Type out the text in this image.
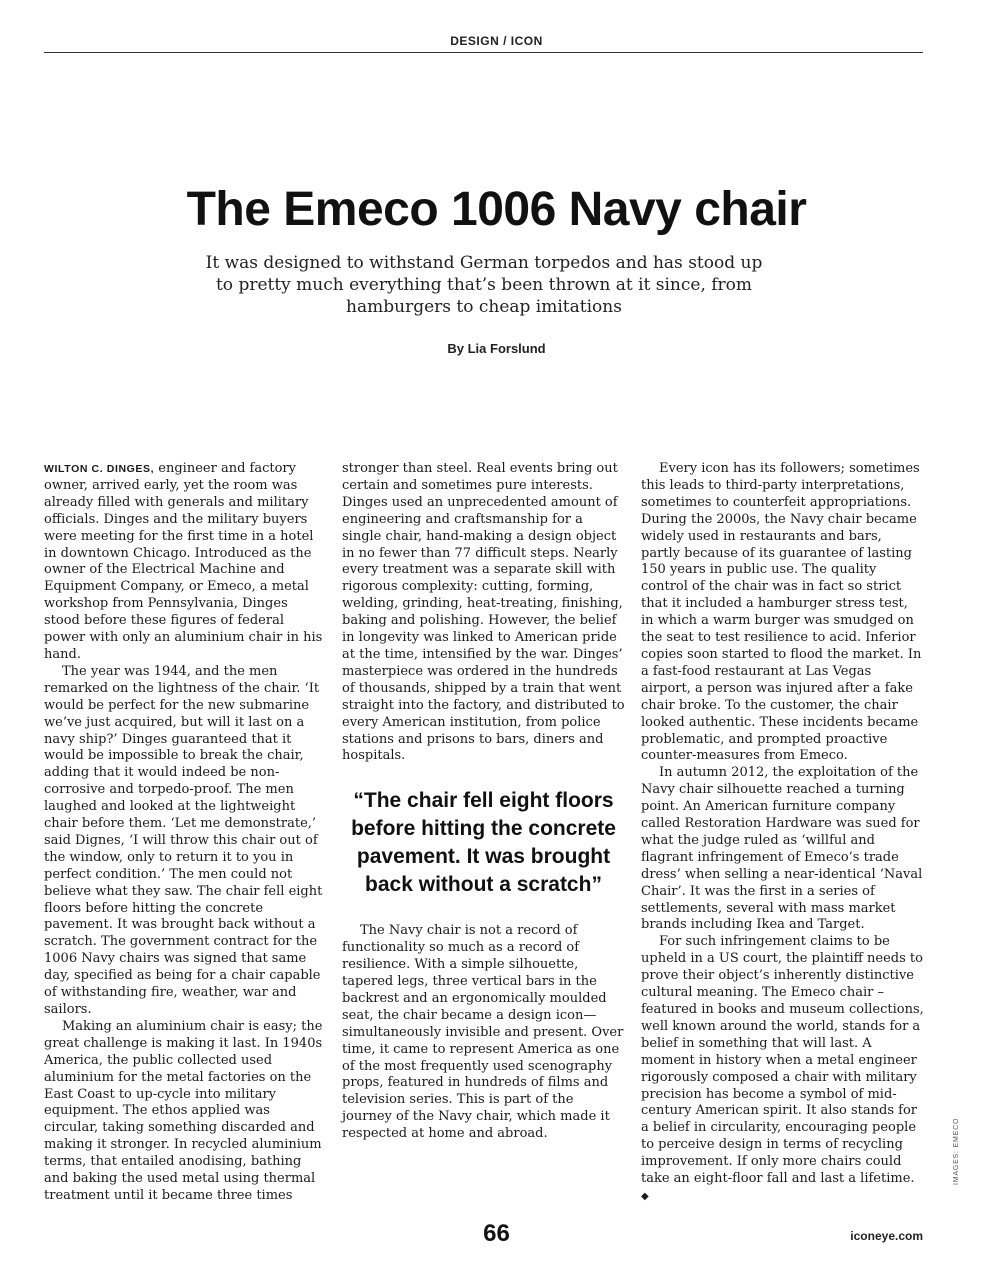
DESIGN / ICON
The Emeco 1006 Navy chair

It was designed to withstand German torpedos and has stood up to pretty much everything that’s been thrown at it since, from hamburgers to cheap imitations

By Lia Forslund

WILTON C. DINGES, engineer and factory owner, arrived early, yet the room was already filled with generals and military officials. Dinges and the military buyers were meeting for the first time in a hotel in downtown Chicago. Introduced as the owner of the Electrical Machine and Equipment Company, or Emeco, a metal workshop from Pennsylvania, Dinges stood before these figures of federal power with only an aluminium chair in his hand.

The year was 1944, and the men remarked on the lightness of the chair. ‘It would be perfect for the new submarine we’ve just acquired, but will it last on a navy ship?’ Dinges guaranteed that it would be impossible to break the chair, adding that it would indeed be non-corrosive and torpedo-proof. The men laughed and looked at the lightweight chair before them. ‘Let me demonstrate,’ said Dignes, ‘I will throw this chair out of the window, only to return it to you in perfect condition.’ The men could not believe what they saw. The chair fell eight floors before hitting the concrete pavement. It was brought back without a scratch. The government contract for the 1006 Navy chairs was signed that same day, specified as being for a chair capable of withstanding fire, weather, war and sailors.

Making an aluminium chair is easy; the great challenge is making it last. In 1940s America, the public collected used aluminium for the metal factories on the East Coast to up-cycle into military equipment. The ethos applied was circular, taking something discarded and making it stronger. In recycled aluminium terms, that entailed anodising, bathing and baking the used metal using thermal treatment until it became three times

stronger than steel. Real events bring out certain and sometimes pure interests. Dinges used an unprecedented amount of engineering and craftsmanship for a single chair, hand-making a design object in no fewer than 77 difficult steps. Nearly every treatment was a separate skill with rigorous complexity: cutting, forming, welding, grinding, heat-treating, finishing, baking and polishing. However, the belief in longevity was linked to American pride at the time, intensified by the war. Dinges’ masterpiece was ordered in the hundreds of thousands, shipped by a train that went straight into the factory, and distributed to every American institution, from police stations and prisons to bars, diners and hospitals.

“The chair fell eight floors before hitting the concrete pavement. It was brought back without a scratch”

The Navy chair is not a record of functionality so much as a record of resilience. With a simple silhouette, tapered legs, three vertical bars in the backrest and an ergonomically moulded seat, the chair became a design icon—simultaneously invisible and present. Over time, it came to represent America as one of the most frequently used scenography props, featured in hundreds of films and television series. This is part of the journey of the Navy chair, which made it respected at home and abroad.

Every icon has its followers; sometimes this leads to third-party interpretations, sometimes to counterfeit appropriations. During the 2000s, the Navy chair became widely used in restaurants and bars, partly because of its guarantee of lasting 150 years in public use. The quality control of the chair was in fact so strict that it included a hamburger stress test, in which a warm burger was smudged on the seat to test resilience to acid. Inferior copies soon started to flood the market. In a fast-food restaurant at Las Vegas airport, a person was injured after a fake chair broke. To the customer, the chair looked authentic. These incidents became problematic, and prompted proactive counter-measures from Emeco.

In autumn 2012, the exploitation of the Navy chair silhouette reached a turning point. An American furniture company called Restoration Hardware was sued for what the judge ruled as ‘willful and flagrant infringement of Emeco’s trade dress’ when selling a near-identical ‘Naval Chair’. It was the first in a series of settlements, several with mass market brands including Ikea and Target.

For such infringement claims to be upheld in a US court, the plaintiff needs to prove their object’s inherently distinctive cultural meaning. The Emeco chair – featured in books and museum collections, well known around the world, stands for a belief in something that will last. A moment in history when a metal engineer rigorously composed a chair with military precision has become a symbol of mid-century American spirit. It also stands for a belief in circularity, encouraging people to perceive design in terms of recycling improvement. If only more chairs could take an eight-floor fall and last a lifetime. ◆

66	iconeye.com
IMAGES: EMECO
